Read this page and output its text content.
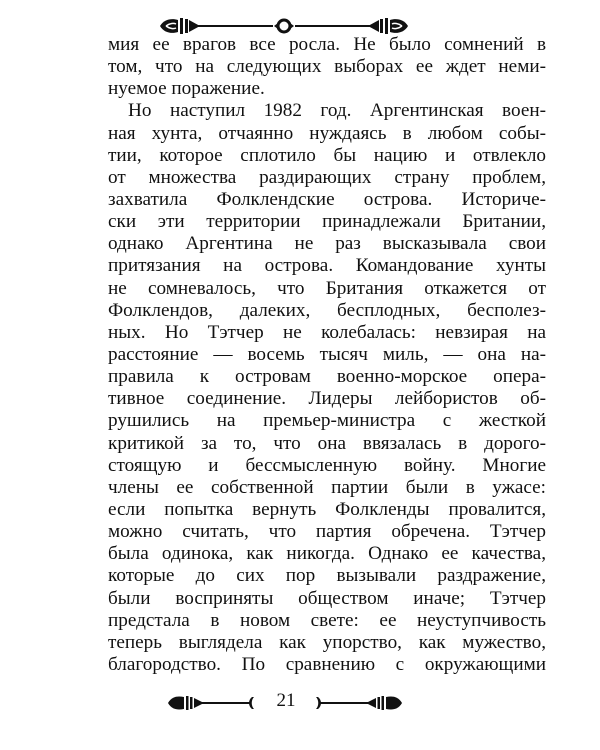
мия ее врагов все росла. Не было сомнений в
том, что на следующих выборах ее ждет неми-
нуемое поражение.
Но наступил 1982 год. Аргентинская воен-
ная хунта, отчаянно нуждаясь в любом собы-
тии, которое сплотило бы нацию и отвлекло
от множества раздирающих страну проблем,
захватила Фолклендские острова. Историче-
ски эти территории принадлежали Британии,
однако Аргентина не раз высказывала свои
притязания на острова. Командование хунты
не сомневалось, что Британия откажется от
Фолклендов, далеких, бесплодных, бесполез-
ных. Но Тэтчер не колебалась: невзирая на
расстояние — восемь тысяч миль, — она на-
правила к островам военно-морское опера-
тивное соединение. Лидеры лейбористов об-
рушились на премьер-министра с жесткой
критикой за то, что она ввязалась в дорого-
стоящую и бессмысленную войну. Многие
члены ее собственной партии были в ужасе:
если попытка вернуть Фолкленды провалится,
можно считать, что партия обречена. Тэтчер
была одинока, как никогда. Однако ее качества,
которые до сих пор вызывали раздражение,
были восприняты обществом иначе; Тэтчер
предстала в новом свете: ее неуступчивость
теперь выглядела как упорство, как мужество,
благородство. По сравнению с окружающими
21
